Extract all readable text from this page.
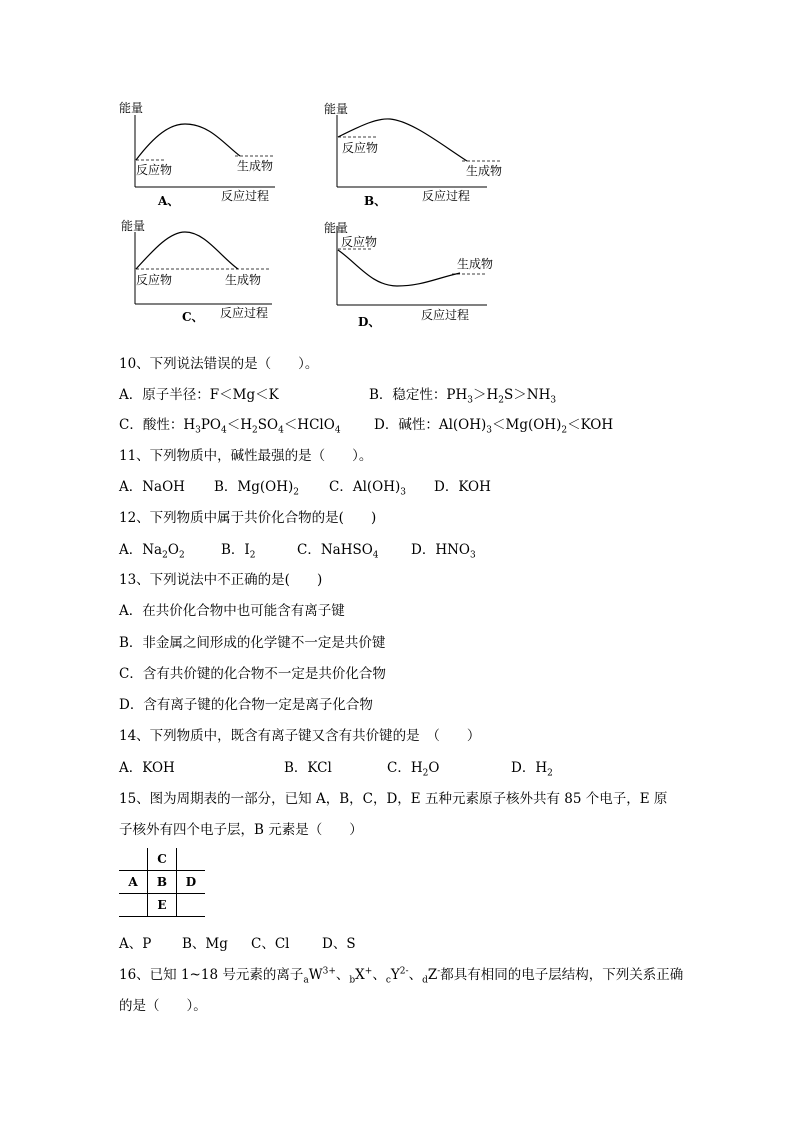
能量
反应物	生成物
A、	反应过程
能量
反应物
生成物
B、	反应过程
能量
反应物	生成物
C、 反应过程
能量
反应物
生成物
D、	反应过程
10、下列说法错误的是（　　）。
A．原子半径：F＜Mg＜K	B．稳定性：$PH_3>H_2S>NH_3$
C．酸性：$H_3PO_4<H_2SO_4<HClO_4$ D．碱性：$Al(OH)_3<Mg(OH)_2<KOH$
11、下列物质中，碱性最强的是（　　）。
A．NaOH B．$Mg(OH)_2$ C．$Al(OH)_3$ D．KOH
12、下列物质中属于共价化合物的是(　　)
A．$Na_2O_2$	B．$I_2$	C．NaHSO$_4$ D．$HNO_3$
13、下列说法中不正确的是(　　)
A．在共价化合物中也可能含有离子键
B．非金属之间形成的化学键不一定是共价键
C．含有共价键的化合物不一定是共价化合物
D．含有离子键的化合物一定是离子化合物
14、下列物质中，既含有离子键又含有共价键的是　（　　）
A．KOH	B．KCl	C．$H_2O$	D．$H_2$
15、图为周期表的一部分，已知 A，B，C，D，E 五种元素原子核外共有 85 个电子，E 原
子核外有四个电子层，B 元素是（　　）
	C	
A	B	D
	E	
A、P B、Mg C、Cl D、S
16、已知 1~18 号元素的离子$_aW^{3+}$、$_b$X+、$_cY^{2-}$、$_d$Z-都具有相同的电子层结构，下列关系正确
的是（　　）。
